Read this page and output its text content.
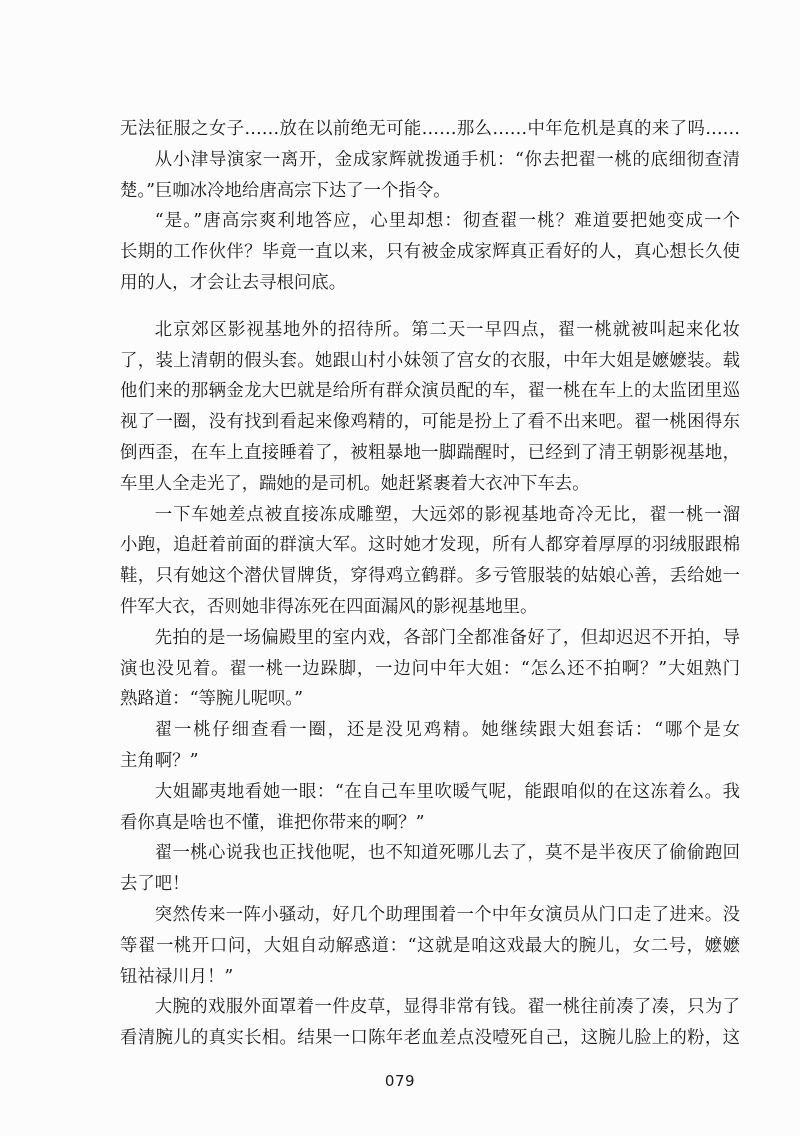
无法征服之女子……放在以前绝无可能……那么……中年危机是真的来了吗……
从小津导演家一离开，金成家辉就拨通手机：“你去把翟一桃的底细彻查清
楚。”巨咖冰冷地给唐高宗下达了一个指令。
“是。”唐高宗爽利地答应，心里却想：彻查翟一桃？难道要把她变成一个
长期的工作伙伴？毕竟一直以来，只有被金成家辉真正看好的人，真心想长久使
用的人，才会让去寻根问底。
北京郊区影视基地外的招待所。第二天一早四点，翟一桃就被叫起来化妆
了，装上清朝的假头套。她跟山村小妹领了宫女的衣服，中年大姐是嬷嬷装。载
他们来的那辆金龙大巴就是给所有群众演员配的车，翟一桃在车上的太监团里巡
视了一圈，没有找到看起来像鸡精的，可能是扮上了看不出来吧。翟一桃困得东
倒西歪，在车上直接睡着了，被粗暴地一脚踹醒时，已经到了清王朝影视基地，
车里人全走光了，踹她的是司机。她赶紧裹着大衣冲下车去。
一下车她差点被直接冻成雕塑，大远郊的影视基地奇冷无比，翟一桃一溜
小跑，追赶着前面的群演大军。这时她才发现，所有人都穿着厚厚的羽绒服跟棉
鞋，只有她这个潜伏冒牌货，穿得鸡立鹤群。多亏管服装的姑娘心善，丢给她一
件军大衣，否则她非得冻死在四面漏风的影视基地里。
先拍的是一场偏殿里的室内戏，各部门全都准备好了，但却迟迟不开拍，导
演也没见着。翟一桃一边跺脚，一边问中年大姐：“怎么还不拍啊？”大姐熟门
熟路道：“等腕儿呢呗。”
翟一桃仔细查看一圈，还是没见鸡精。她继续跟大姐套话：“哪个是女
主角啊？”
大姐鄙夷地看她一眼：“在自己车里吹暖气呢，能跟咱似的在这冻着么。我
看你真是啥也不懂，谁把你带来的啊？”
翟一桃心说我也正找他呢，也不知道死哪儿去了，莫不是半夜厌了偷偷跑回
去了吧！
突然传来一阵小骚动，好几个助理围着一个中年女演员从门口走了进来。没
等翟一桃开口问，大姐自动解惑道：“这就是咱这戏最大的腕儿，女二号，嬷嬷
钮祜禄川月！”
大腕的戏服外面罩着一件皮草，显得非常有钱。翟一桃往前凑了凑，只为了
看清腕儿的真实长相。结果一口陈年老血差点没噎死自己，这腕儿脸上的粉，这
079
